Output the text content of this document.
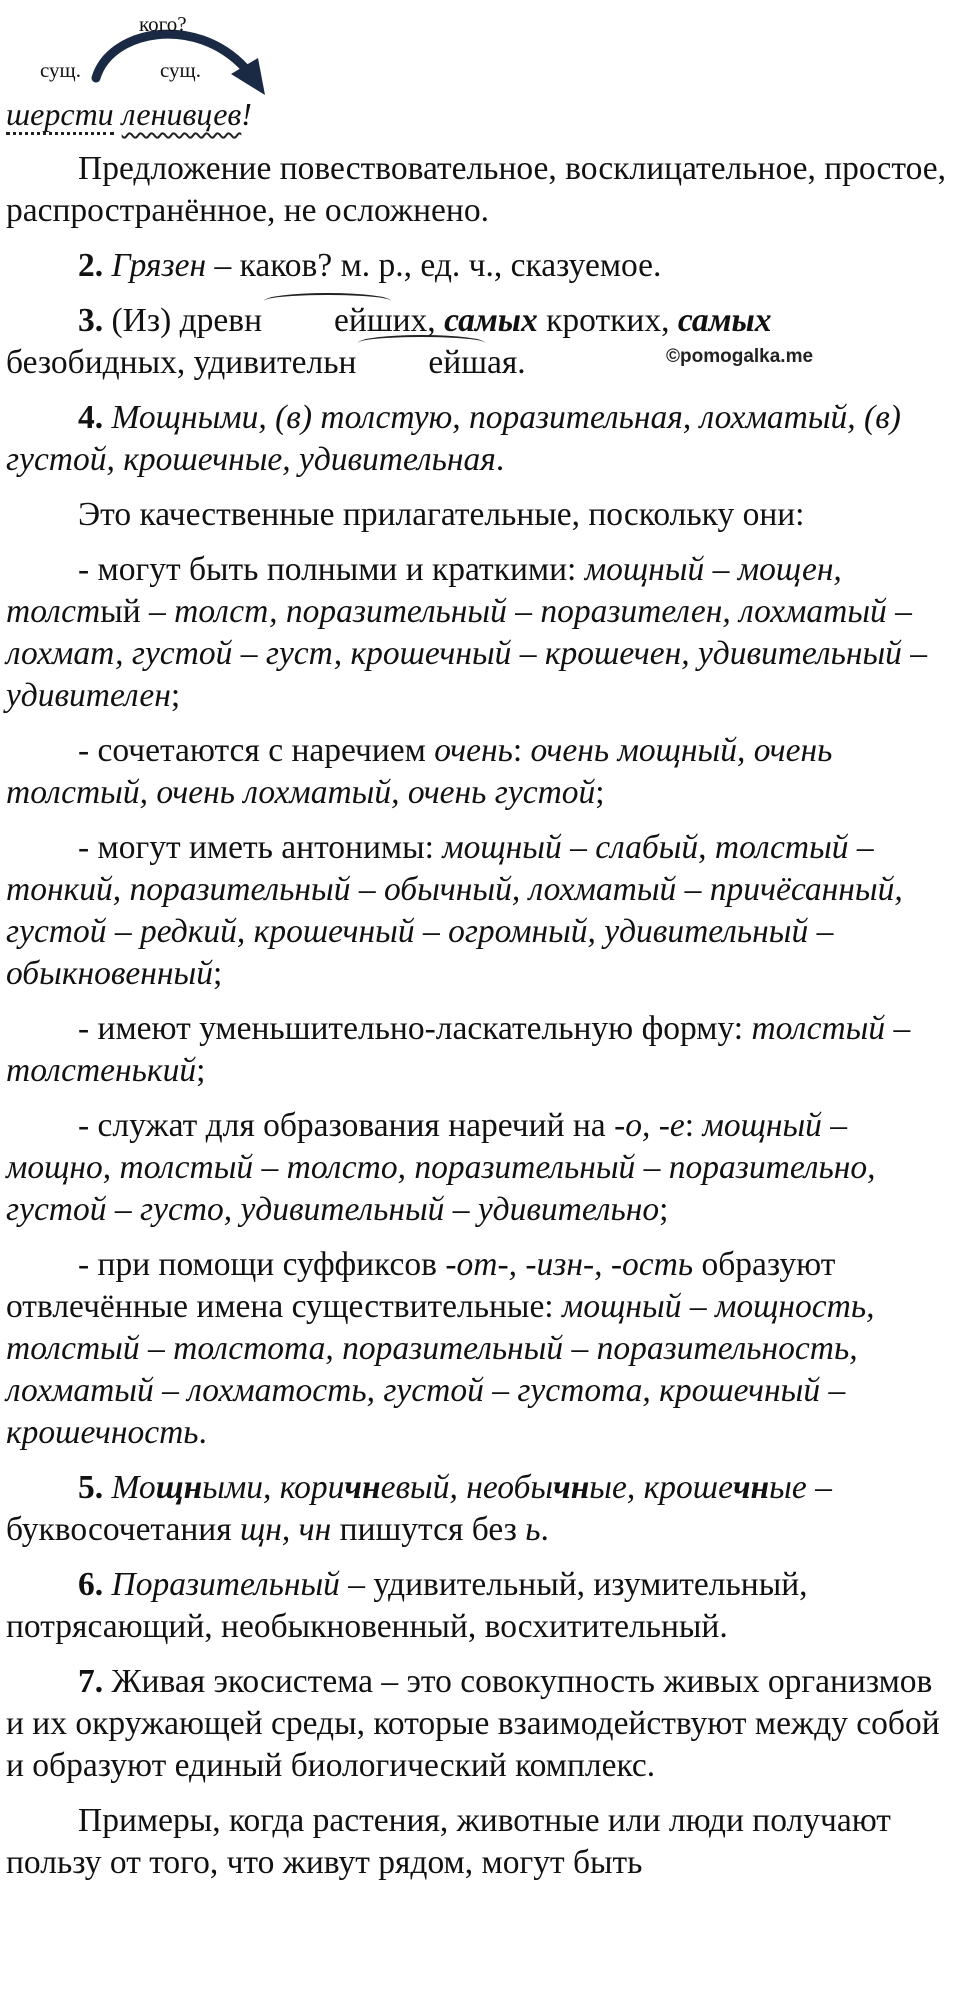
кого?
сущ.	сущ.
шерсти ленивцев!
©pomogalka.me

Предложение повествовательное, восклицательное, простое, распространённое, не осложнено.

2. Грязен – каков? м. р., ед. ч., сказуемое.

3. (Из) древн ейших, самых кротких, самых безобидных, удивительн ейшая.

4. Мощными, (в) толстую, поразительная, лохматый, (в) густой, крошечные, удивительная.

Это качественные прилагательные, поскольку они:

- могут быть полными и краткими: мощный – мощен, толстый – толст, поразительный – поразителен, лохматый – лохмат, густой – густ, крошечный – крошечен, удивительный – удивителен;

- сочетаются с наречием очень: очень мощный, очень толстый, очень лохматый, очень густой;

- могут иметь антонимы: мощный – слабый, толстый – тонкий, поразительный – обычный, лохматый – причёсанный, густой – редкий, крошечный – огромный, удивительный – обыкновенный;

- имеют уменьшительно-ласкательную форму: толстый – толстенький;

- служат для образования наречий на -о, -е: мощный – мощно, толстый – толсто, поразительный – поразительно, густой – густо, удивительный – удивительно;

- при помощи суффиксов -от-, -изн-, -ость образуют отвлечённые имена существительные: мощный – мощность, толстый – толстота, поразительный – поразительность, лохматый – лохматость, густой – густота, крошечный – крошечность.

5. Мощными, коричневый, необычные, крошечные – буквосочетания щн, чн пишутся без ь.

6. Поразительный – удивительный, изумительный, потрясающий, необыкновенный, восхитительный.

7. Живая экосистема – это совокупность живых организмов и их окружающей среды, которые взаимодействуют между собой и образуют единый биологический комплекс.

Примеры, когда растения, животные или люди получают пользу от того, что живут рядом, могут быть
